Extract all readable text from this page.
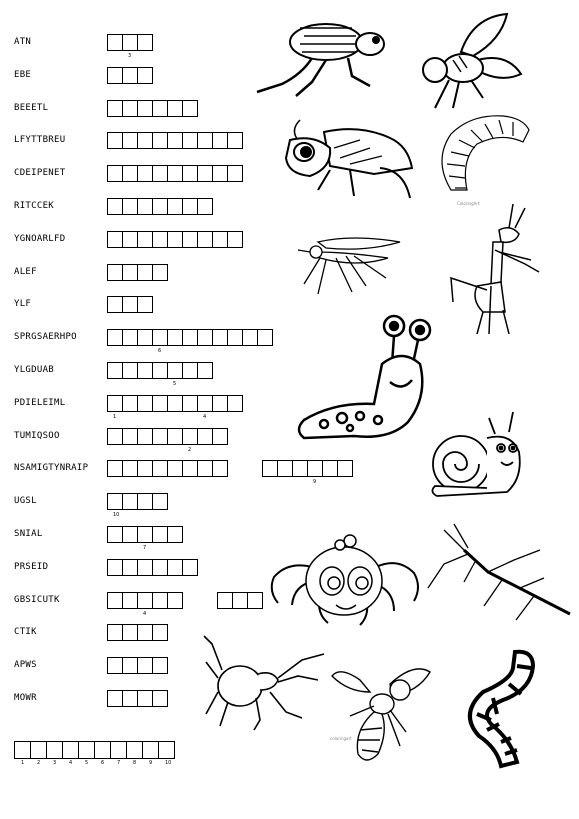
ATN
3
EBE
BEEETL
LFYTTBREU
CDEIPENET
RITCCEK
YGNOARLFD
ALEF
YLF
SPRGSAERHPO
6
YLGDUAB
5
PDIELEIML
1	4
TUMIQSOO
2
NSAMIGTYNRAIP
9
UGSL
10
SNIAL
7
PRSEID
GBSICUTK
4
CTIK
APWS
MOWR
1	2	3	4	5	6	7	8	9	10
ColoringArt
coloringart
